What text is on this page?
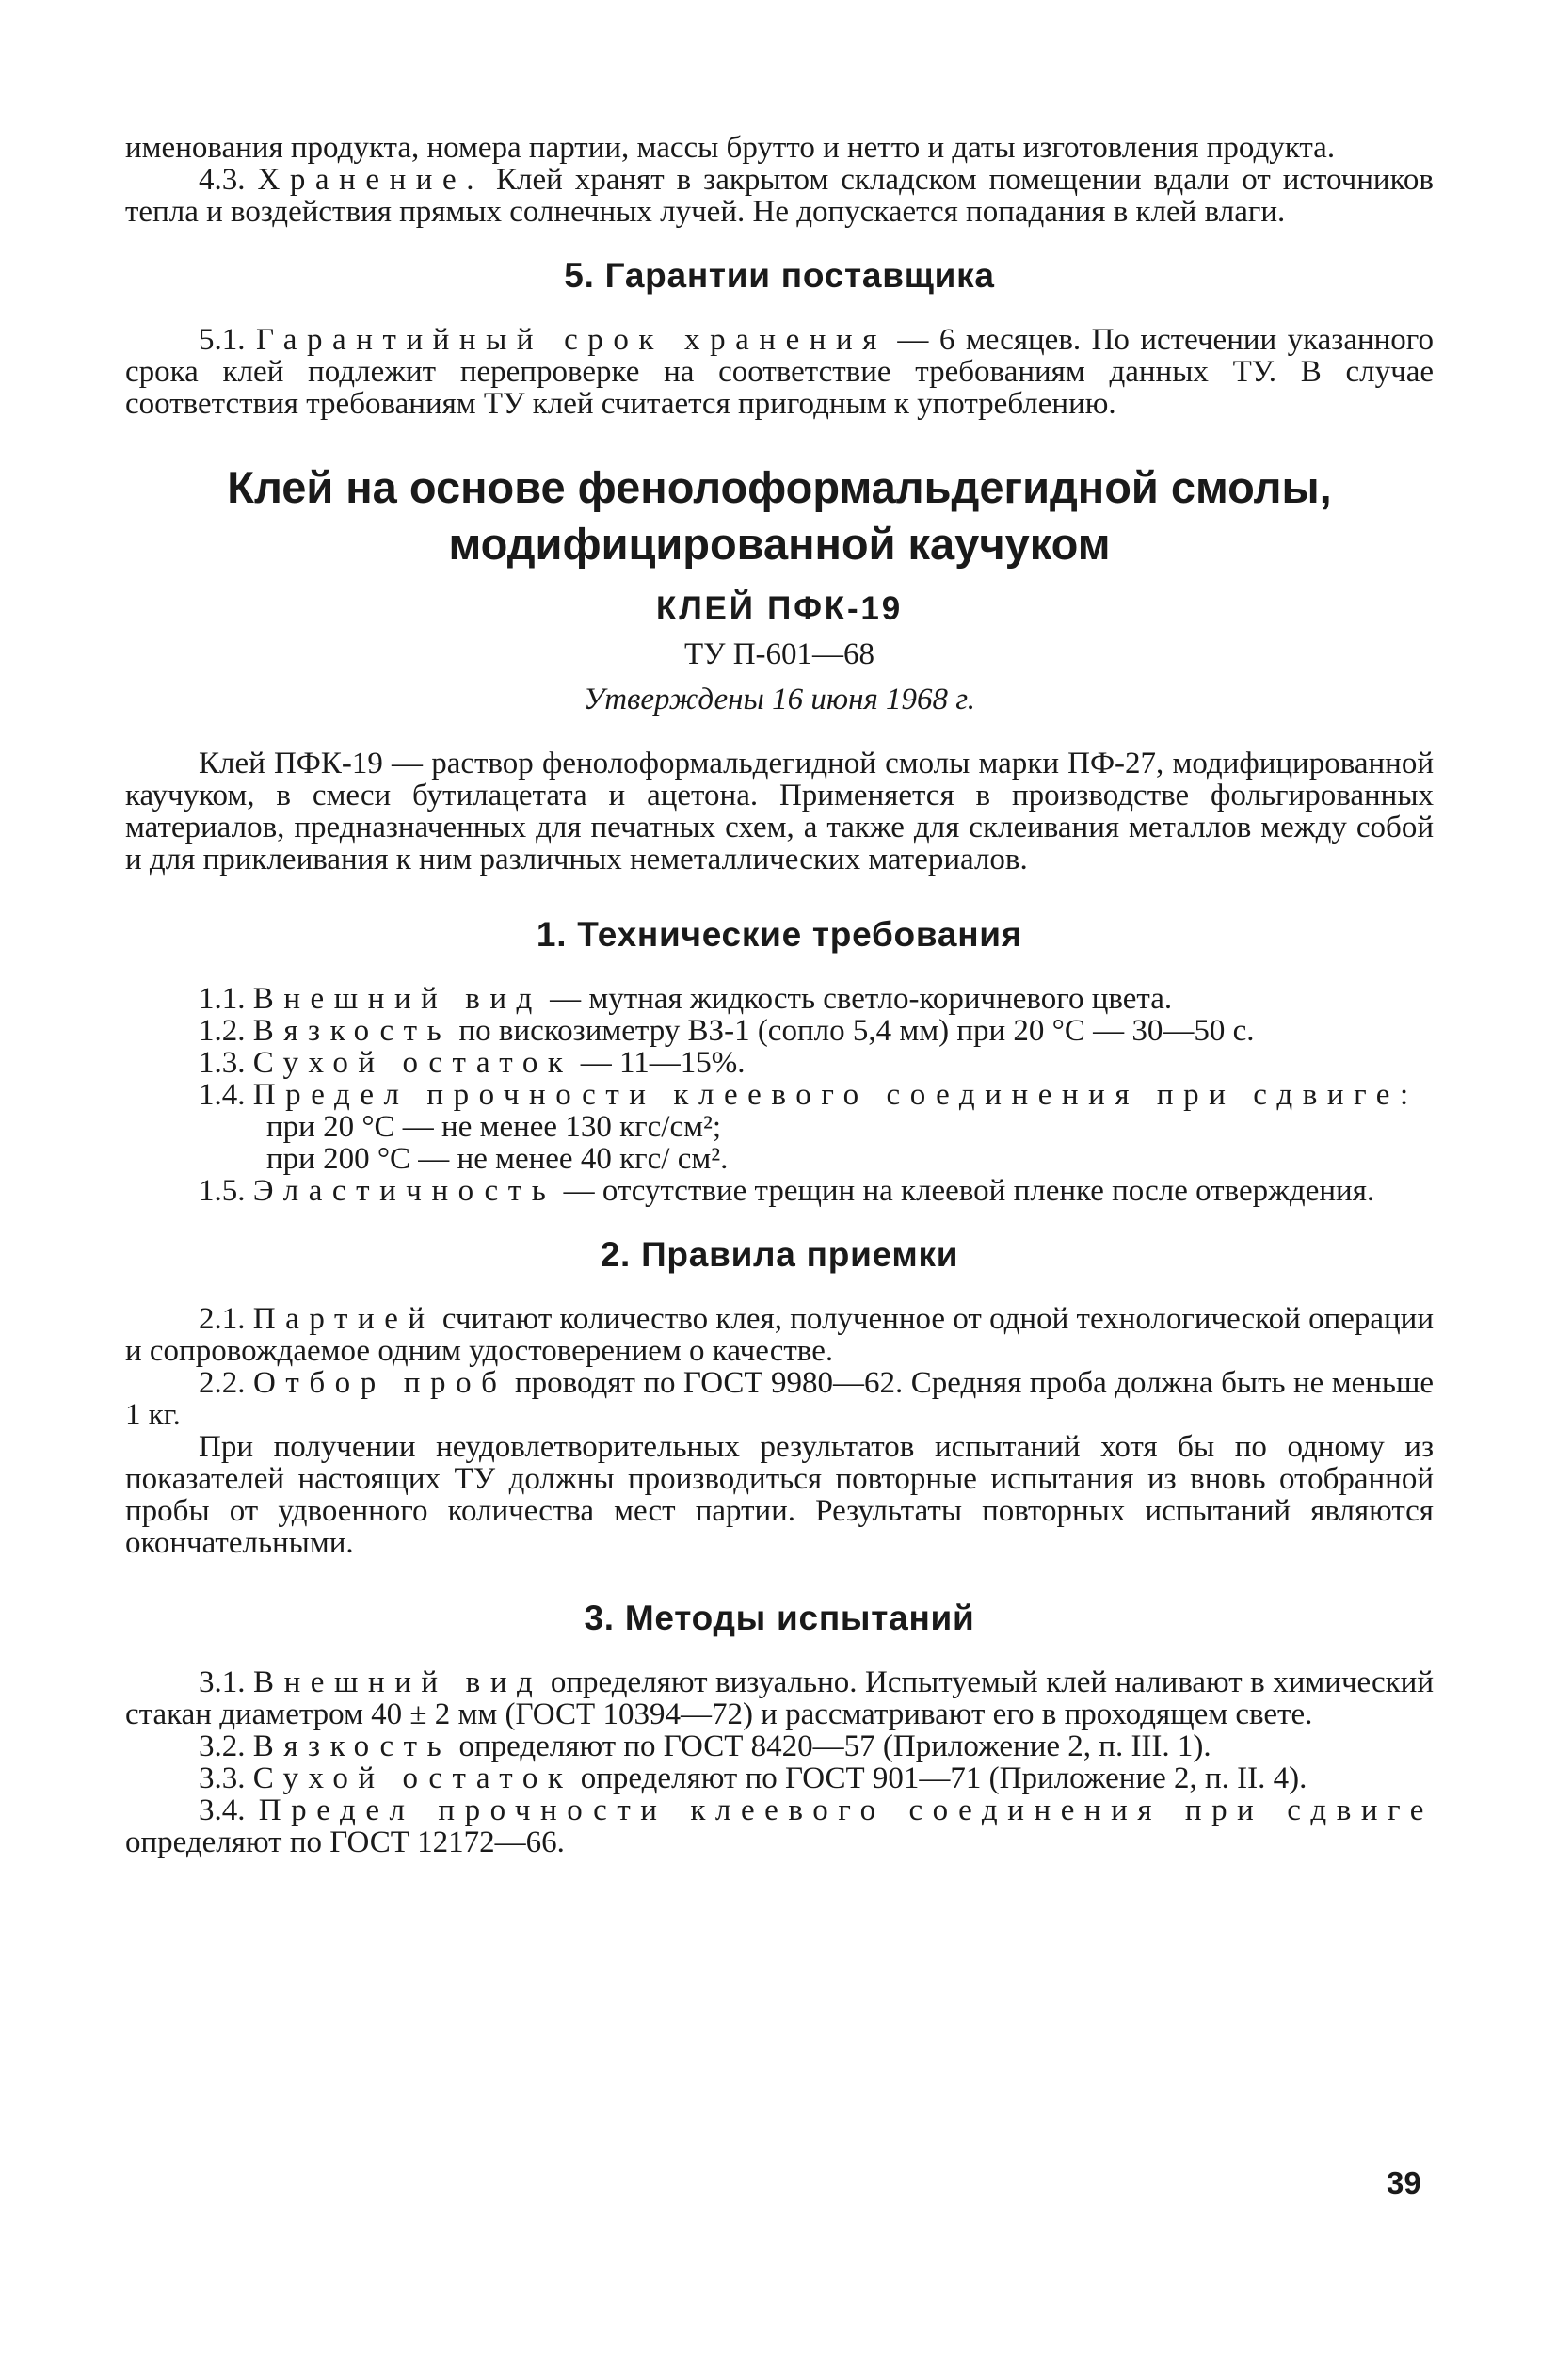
именования продукта, номера партии, массы брутто и нетто и даты изготовления продукта.

4.3. Хранение. Клей хранят в закрытом складском помещении вдали от источников тепла и воздействия прямых солнечных лучей. Не допускается попадания в клей влаги.

5. Гарантии поставщика

5.1. Гарантийный срок хранения — 6 месяцев. По истечении указанного срока клей подлежит перепроверке на соответствие требованиям данных ТУ. В случае соответствия требованиям ТУ клей считается пригодным к употреблению.

Клей на основе фенолоформальдегидной смолы,
модифицированной каучуком

КЛЕЙ ПФК-19

ТУ П-601—68

Утверждены 16 июня 1968 г.

Клей ПФК-19 — раствор фенолоформальдегидной смолы марки ПФ-27, модифицированной каучуком, в смеси бутилацетата и ацетона. Применяется в производстве фольгированных материалов, предназначенных для печатных схем, а также для склеивания металлов между собой и для приклеивания к ним различных неметаллических материалов.

1. Технические требования

1.1. Внешний вид — мутная жидкость светло-коричневого цвета.

1.2. Вязкость по вискозиметру ВЗ-1 (сопло 5,4 мм) при 20 °С — 30—50 с.

1.3. Сухой остаток — 11—15%.

1.4. Предел прочности клеевого соединения при сдвиге:

при 20 °С — не менее 130 кгс/см²;

при 200 °С — не менее 40 кгс/ см².

1.5. Эластичность — отсутствие трещин на клеевой пленке после отверждения.

2. Правила приемки

2.1. Партией считают количество клея, полученное от одной технологической операции и сопровождаемое одним удостоверением о качестве.

2.2. Отбор проб проводят по ГОСТ 9980—62. Средняя проба должна быть не меньше 1 кг.

При получении неудовлетворительных результатов испытаний хотя бы по одному из показателей настоящих ТУ должны производиться повторные испытания из вновь отобранной пробы от удвоенного количества мест партии. Результаты повторных испытаний являются окончательными.

3. Методы испытаний

3.1. Внешний вид определяют визуально. Испытуемый клей наливают в химический стакан диаметром 40 ± 2 мм (ГОСТ 10394—72) и рассматривают его в проходящем свете.

3.2. Вязкость определяют по ГОСТ 8420—57 (Приложение 2, п. III. 1).

3.3. Сухой остаток определяют по ГОСТ 901—71 (Приложение 2, п. II. 4).

3.4. Предел прочности клеевого соединения при сдвиге определяют по ГОСТ 12172—66.

39
